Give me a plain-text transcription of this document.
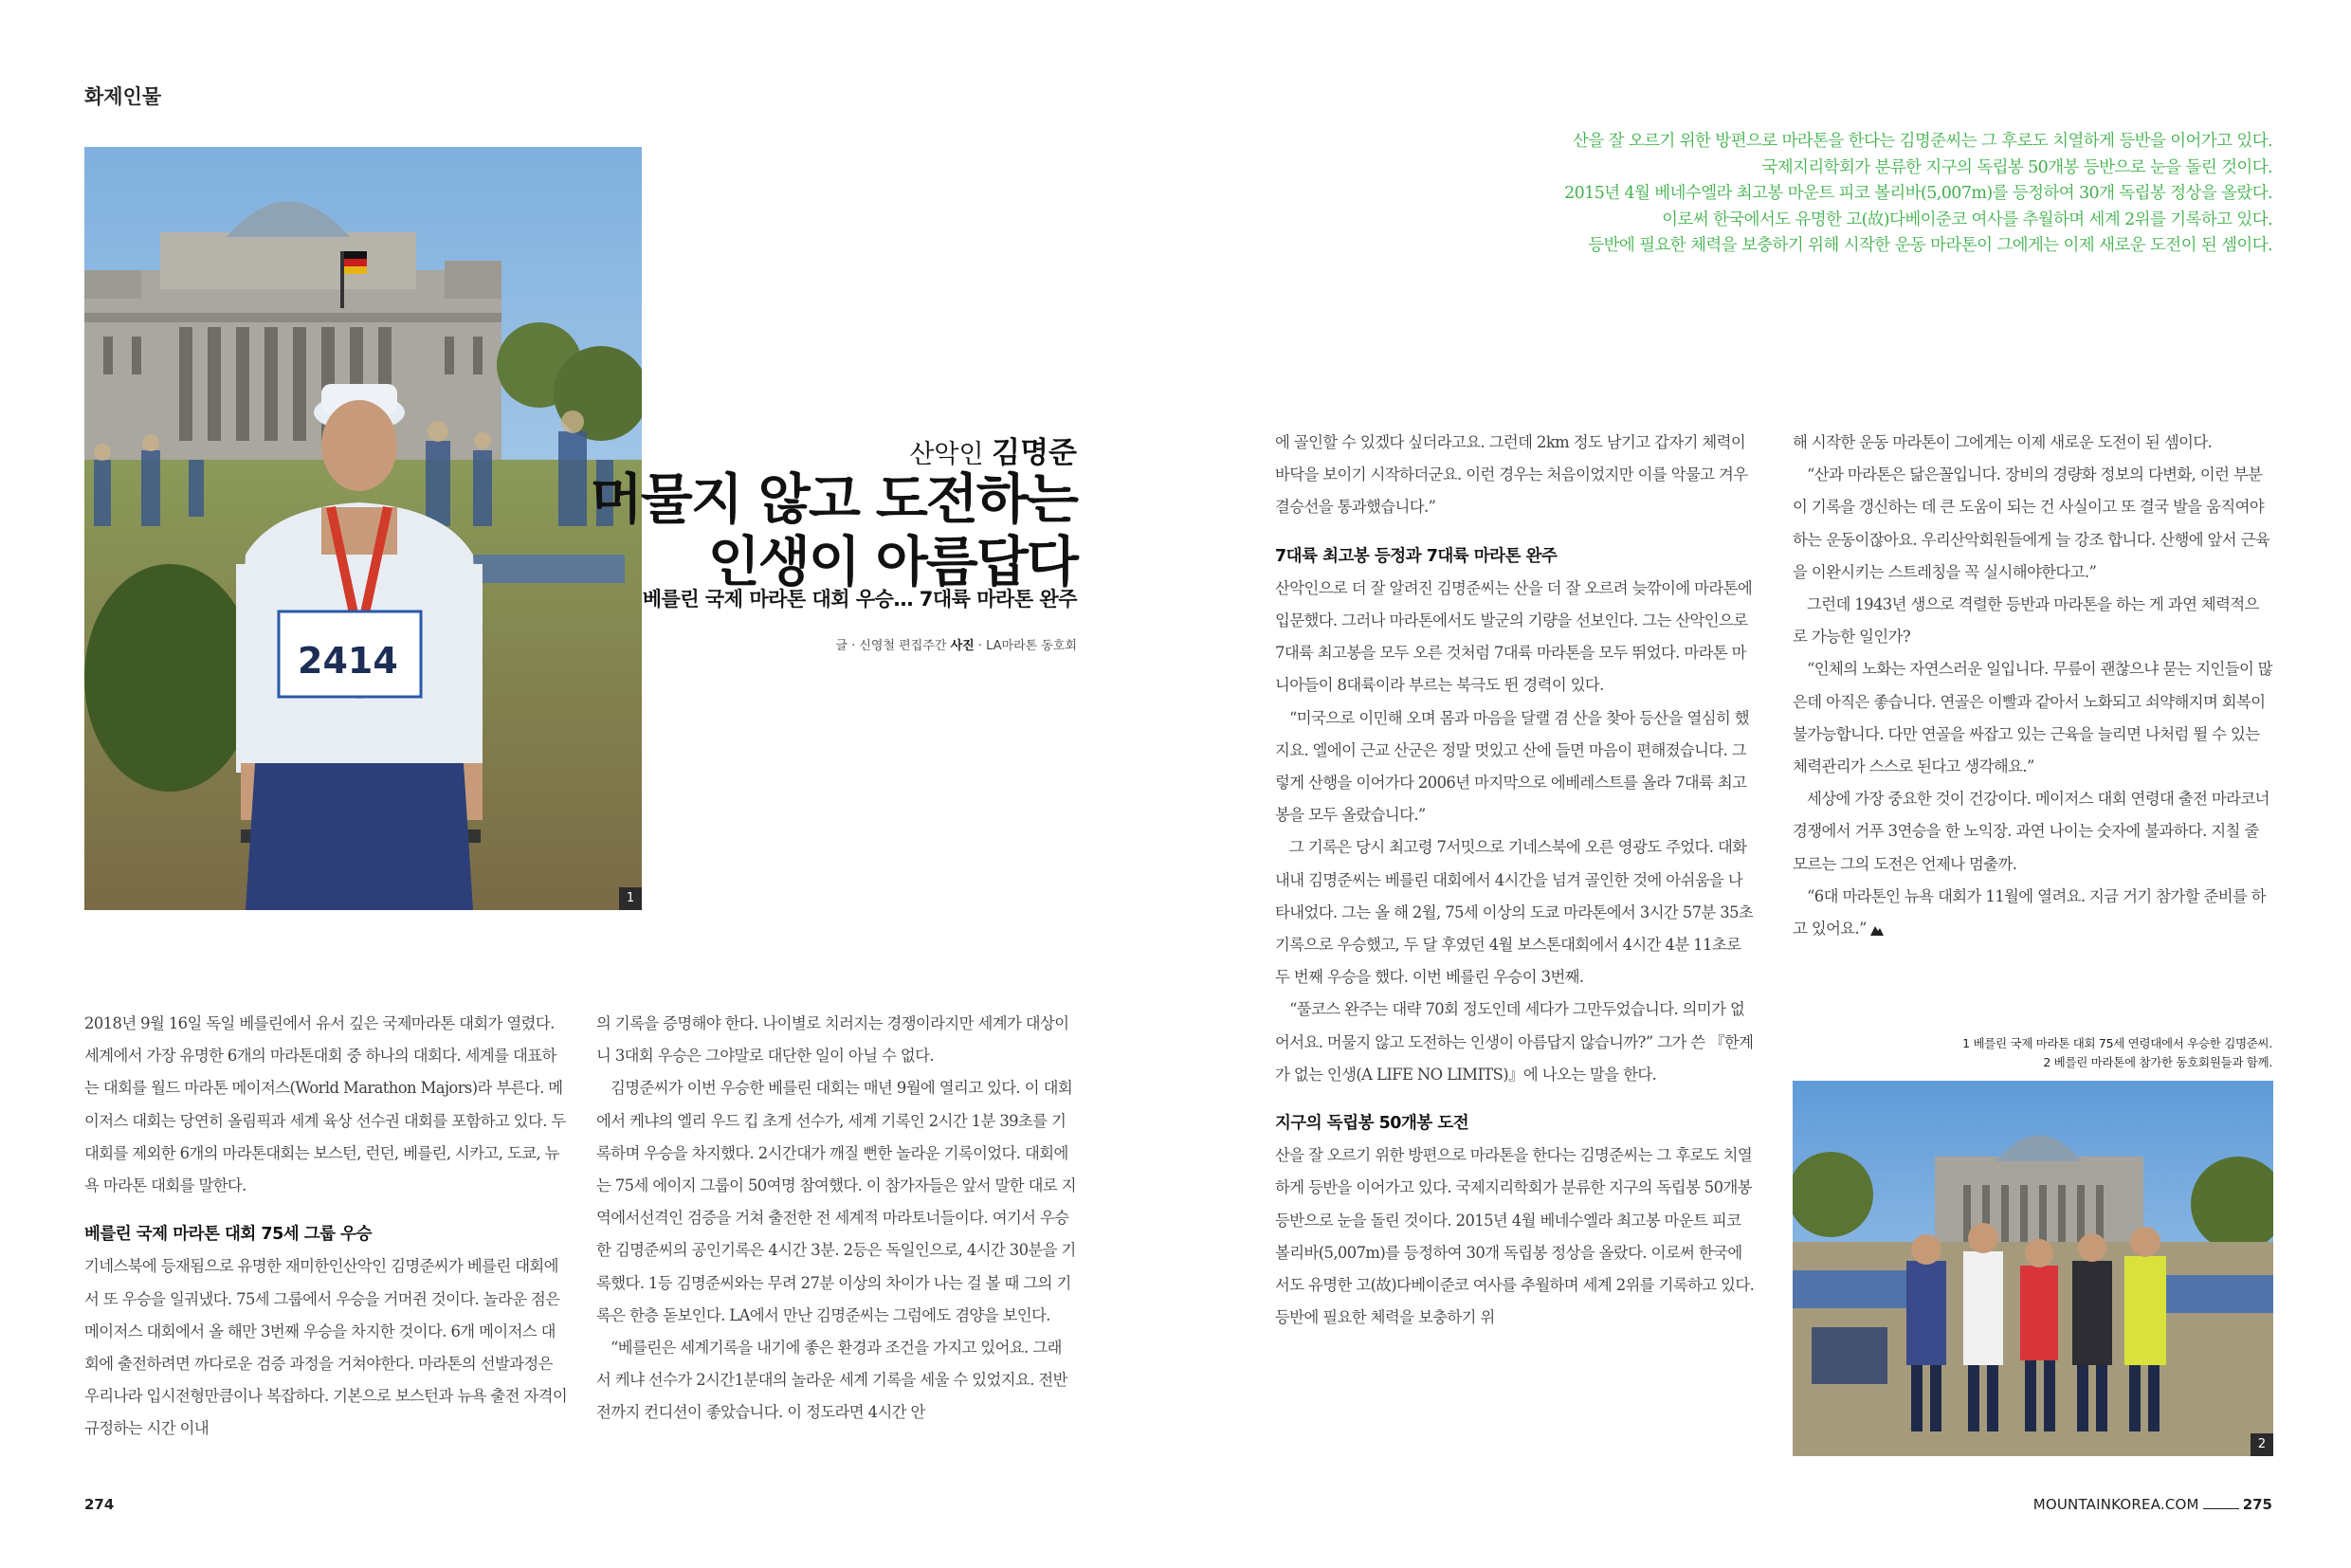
화제인물
2414
1
산악인 김명준
머물지 않고 도전하는
인생이 아름답다
베를린 국제 마라톤 대회 우승… 7대륙 마라톤 완주
글 · 신영철 편집주간 사진 · LA마라톤 동호회
산을 잘 오르기 위한 방편으로 마라톤을 한다는 김명준씨는 그 후로도 치열하게 등반을 이어가고 있다.
국제지리학회가 분류한 지구의 독립봉 50개봉 등반으로 눈을 돌린 것이다.
2015년 4월 베네수엘라 최고봉 마운트 피코 볼리바(5,007m)를 등정하여 30개 독립봉 정상을 올랐다.
이로써 한국에서도 유명한 고(故)다베이준코 여사를 추월하며 세계 2위를 기록하고 있다.
등반에 필요한 체력을 보충하기 위해 시작한 운동 마라톤이 그에게는 이제 새로운 도전이 된 셈이다.

2018년 9월 16일 독일 베를린에서 유서 깊은 국제마라톤 대회가 열렸다. 세계에서 가장 유명한 6개의 마라톤대회 중 하나의 대회다. 세계를 대표하는 대회를 월드 마라톤 메이저스(World Marathon Majors)라 부른다. 메이저스 대회는 당연히 올림픽과 세계 육상 선수권 대회를 포함하고 있다. 두 대회를 제외한 6개의 마라톤대회는 보스턴, 런던, 베를린, 시카고, 도쿄, 뉴욕 마라톤 대회를 말한다.

베를린 국제 마라톤 대회 75세 그룹 우승

기네스북에 등재됨으로 유명한 재미한인산악인 김명준씨가 베를린 대회에서 또 우승을 일궈냈다. 75세 그룹에서 우승을 거머쥔 것이다. 놀라운 점은 메이저스 대회에서 올 해만 3번째 우승을 차지한 것이다. 6개 메이저스 대회에 출전하려면 까다로운 검증 과정을 거쳐야한다. 마라톤의 선발과정은 우리나라 입시전형만큼이나 복잡하다. 기본으로 보스턴과 뉴욕 출전 자격이 규정하는 시간 이내

의 기록을 증명해야 한다. 나이별로 치러지는 경쟁이라지만 세계가 대상이니 3대회 우승은 그야말로 대단한 일이 아닐 수 없다.

김명준씨가 이번 우승한 베를린 대회는 매년 9월에 열리고 있다. 이 대회에서 케냐의 엘리 우드 킵 초게 선수가, 세계 기록인 2시간 1분 39초를 기록하며 우승을 차지했다. 2시간대가 깨질 뻔한 놀라운 기록이었다. 대회에는 75세 에이지 그룹이 50여명 참여했다. 이 참가자들은 앞서 말한 대로 지역에서선격인 검증을 거쳐 출전한 전 세계적 마라토너들이다. 여기서 우승한 김명준씨의 공인기록은 4시간 3분. 2등은 독일인으로, 4시간 30분을 기록했다. 1등 김명준씨와는 무려 27분 이상의 차이가 나는 걸 볼 때 그의 기록은 한층 돋보인다. LA에서 만난 김명준씨는 그럼에도 겸양을 보인다.

“베를린은 세계기록을 내기에 좋은 환경과 조건을 가지고 있어요. 그래서 케냐 선수가 2시간1분대의 놀라운 세계 기록을 세울 수 있었지요. 전반전까지 컨디션이 좋았습니다. 이 정도라면 4시간 안

에 골인할 수 있겠다 싶더라고요. 그런데 2km 정도 남기고 갑자기 체력이 바닥을 보이기 시작하더군요. 이런 경우는 처음이었지만 이를 악물고 겨우 결승선을 통과했습니다.”

7대륙 최고봉 등정과 7대륙 마라톤 완주

산악인으로 더 잘 알려진 김명준씨는 산을 더 잘 오르려 늦깎이에 마라톤에 입문했다. 그러나 마라톤에서도 발군의 기량을 선보인다. 그는 산악인으로 7대륙 최고봉을 모두 오른 것처럼 7대륙 마라톤을 모두 뛰었다. 마라톤 마니아들이 8대륙이라 부르는 북극도 뛴 경력이 있다.

“미국으로 이민해 오며 몸과 마음을 달랠 겸 산을 찾아 등산을 열심히 했지요. 엘에이 근교 산군은 정말 멋있고 산에 들면 마음이 편해졌습니다. 그렇게 산행을 이어가다 2006년 마지막으로 에베레스트를 올라 7대륙 최고봉을 모두 올랐습니다.”

그 기록은 당시 최고령 7서밋으로 기네스북에 오른 영광도 주었다. 대화 내내 김명준씨는 베를린 대회에서 4시간을 넘겨 골인한 것에 아쉬움을 나타내었다. 그는 올 해 2월, 75세 이상의 도쿄 마라톤에서 3시간 57분 35초 기록으로 우승했고, 두 달 후였던 4월 보스톤대회에서 4시간 4분 11초로 두 번째 우승을 했다. 이번 베를린 우승이 3번째.

“풀코스 완주는 대략 70회 정도인데 세다가 그만두었습니다. 의미가 없어서요. 머물지 않고 도전하는 인생이 아름답지 않습니까?” 그가 쓴 『한계가 없는 인생(A LIFE NO LIMITS)』에 나오는 말을 한다.

지구의 독립봉 50개봉 도전

산을 잘 오르기 위한 방편으로 마라톤을 한다는 김명준씨는 그 후로도 치열하게 등반을 이어가고 있다. 국제지리학회가 분류한 지구의 독립봉 50개봉 등반으로 눈을 돌린 것이다. 2015년 4월 베네수엘라 최고봉 마운트 피코 볼리바(5,007m)를 등정하여 30개 독립봉 정상을 올랐다. 이로써 한국에서도 유명한 고(故)다베이준코 여사를 추월하며 세계 2위를 기록하고 있다. 등반에 필요한 체력을 보충하기 위

해 시작한 운동 마라톤이 그에게는 이제 새로운 도전이 된 셈이다.

“산과 마라톤은 닮은꼴입니다. 장비의 경량화 정보의 다변화, 이런 부분이 기록을 갱신하는 데 큰 도움이 되는 건 사실이고 또 결국 발을 움직여야 하는 운동이잖아요. 우리산악회원들에게 늘 강조 합니다. 산행에 앞서 근육을 이완시키는 스트레칭을 꼭 실시해야한다고.”

그런데 1943년 생으로 격렬한 등반과 마라톤을 하는 게 과연 체력적으로 가능한 일인가?

“인체의 노화는 자연스러운 일입니다. 무릎이 괜찮으냐 묻는 지인들이 많은데 아직은 좋습니다. 연골은 이빨과 같아서 노화되고 쇠약해지며 회복이 불가능합니다. 다만 연골을 싸잡고 있는 근육을 늘리면 나처럼 뛸 수 있는 체력관리가 스스로 된다고 생각해요.”

세상에 가장 중요한 것이 건강이다. 메이저스 대회 연령대 출전 마라코너 경쟁에서 거푸 3연승을 한 노익장. 과연 나이는 숫자에 불과하다. 지칠 줄 모르는 그의 도전은 언제나 멈출까.

“6대 마라톤인 뉴욕 대회가 11월에 열려요. 지금 거기 참가할 준비를 하고 있어요.”

1 베를린 국제 마라톤 대회 75세 연령대에서 우승한 김명준씨.
2 베를린 마라톤에 참가한 동호회원들과 함께.
2
274	MOUNTAINKOREA.COM	275
